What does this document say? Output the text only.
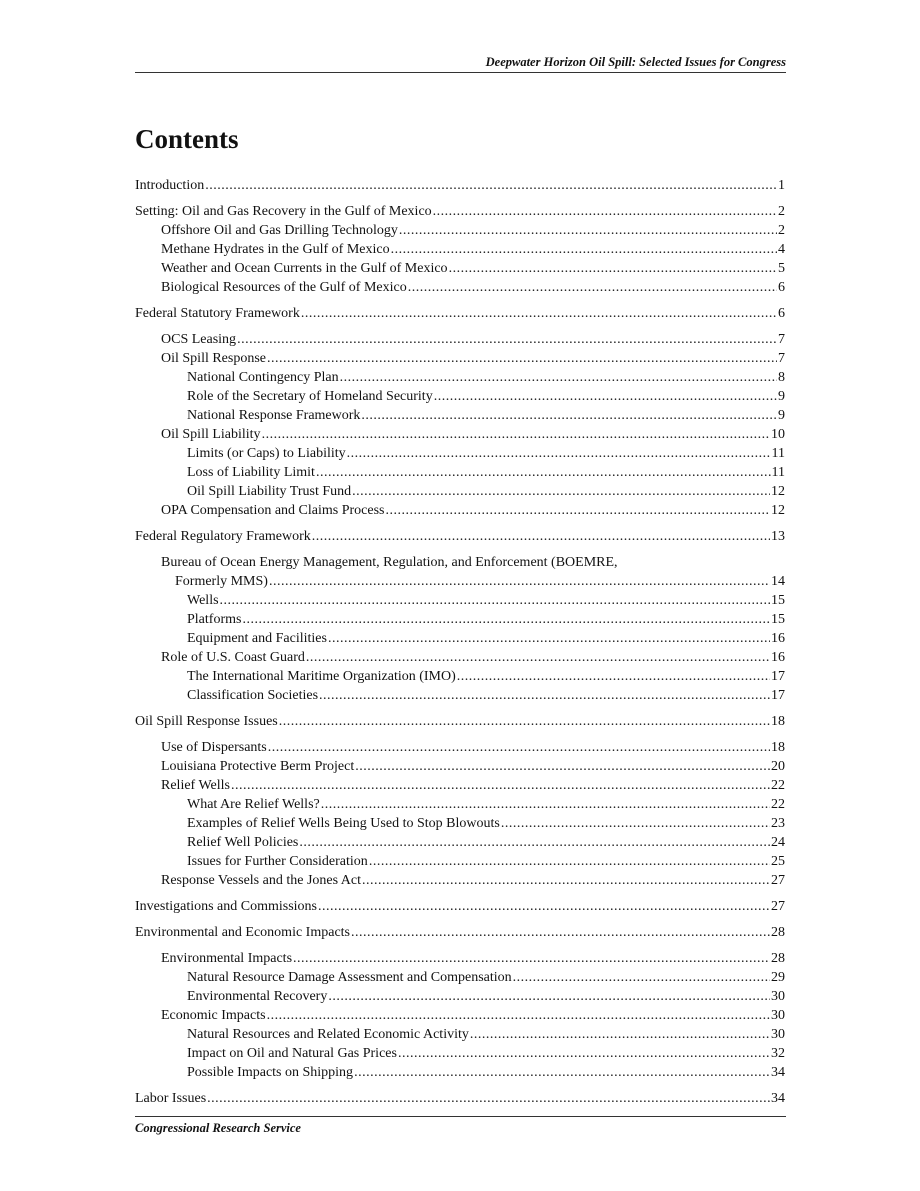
Deepwater Horizon Oil Spill: Selected Issues for Congress
Contents
Introduction .....	1
Setting: Oil and Gas Recovery in the Gulf of Mexico .....	2
Offshore Oil and Gas Drilling Technology .....	2
Methane Hydrates in the Gulf of Mexico .....	4
Weather and Ocean Currents in the Gulf of Mexico .....	5
Biological Resources of the Gulf of Mexico .....	6
Federal Statutory Framework .....	6
OCS Leasing .....	7
Oil Spill Response .....	7
National Contingency Plan .....	8
Role of the Secretary of Homeland Security .....	9
National Response Framework .....	9
Oil Spill Liability .....	10
Limits (or Caps) to Liability .....	11
Loss of Liability Limit .....	11
Oil Spill Liability Trust Fund .....	12
OPA Compensation and Claims Process .....	12
Federal Regulatory Framework .....	13
Bureau of Ocean Energy Management, Regulation, and Enforcement (BOEMRE,
Formerly MMS) .....	14
Wells .....	15
Platforms .....	15
Equipment and Facilities .....	16
Role of U.S. Coast Guard .....	16
The International Maritime Organization (IMO) .....	17
Classification Societies .....	17
Oil Spill Response Issues .....	18
Use of Dispersants .....	18
Louisiana Protective Berm Project .....	20
Relief Wells .....	22
What Are Relief Wells? .....	22
Examples of Relief Wells Being Used to Stop Blowouts .....	23
Relief Well Policies .....	24
Issues for Further Consideration .....	25
Response Vessels and the Jones Act .....	27
Investigations and Commissions .....	27
Environmental and Economic Impacts .....	28
Environmental Impacts .....	28
Natural Resource Damage Assessment and Compensation .....	29
Environmental Recovery .....	30
Economic Impacts .....	30
Natural Resources and Related Economic Activity .....	30
Impact on Oil and Natural Gas Prices .....	32
Possible Impacts on Shipping .....	34
Labor Issues .....	34
Congressional Research Service
